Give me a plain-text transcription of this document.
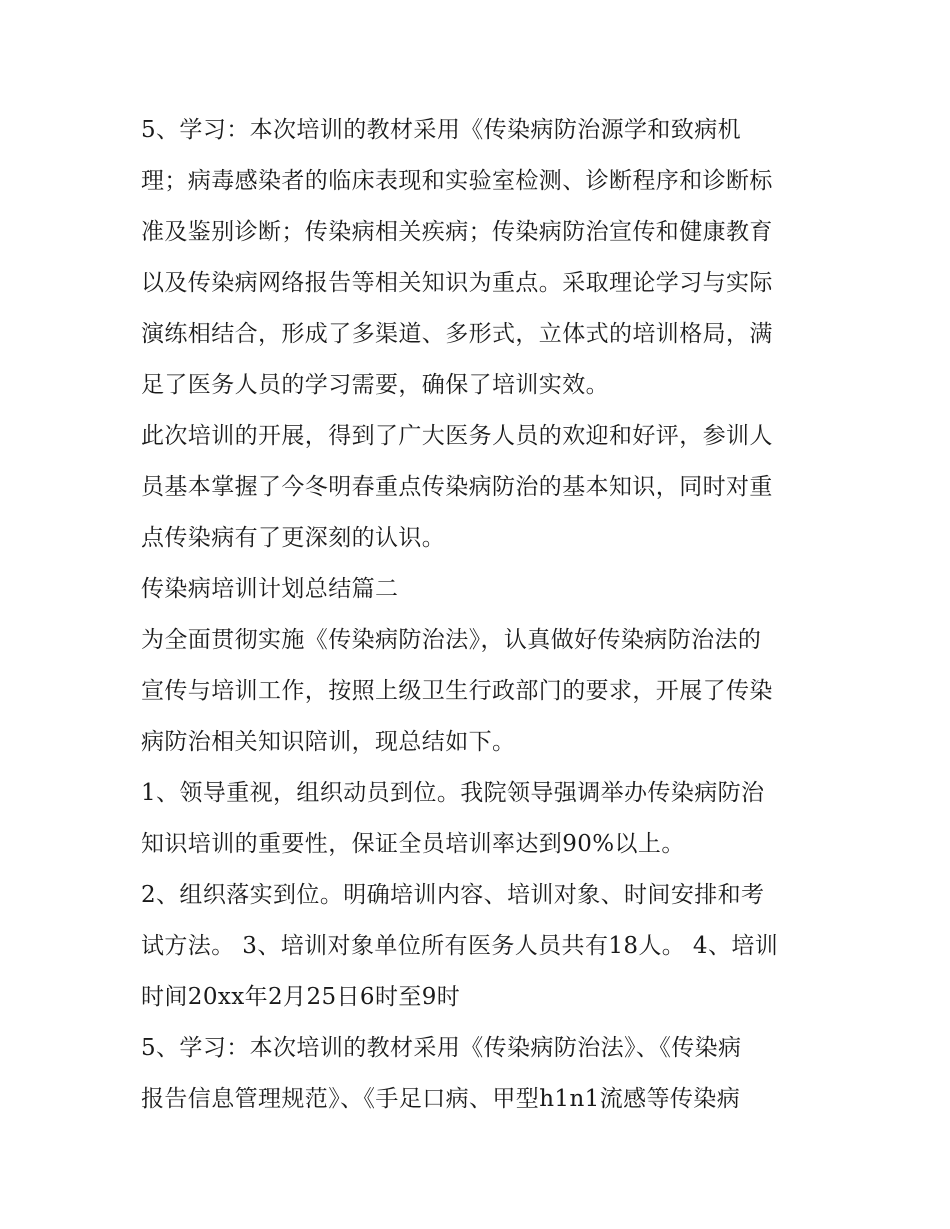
5、学习：本次培训的教材采用《传染病防治源学和致病机
理；病毒感染者的临床表现和实验室检测、诊断程序和诊断标
准及鉴别诊断；传染病相关疾病；传染病防治宣传和健康教育
以及传染病网络报告等相关知识为重点。采取理论学习与实际
演练相结合，形成了多渠道、多形式，立体式的培训格局，满
足了医务人员的学习需要，确保了培训实效。
此次培训的开展，得到了广大医务人员的欢迎和好评，参训人
员基本掌握了今冬明春重点传染病防治的基本知识，同时对重
点传染病有了更深刻的认识。
传染病培训计划总结篇二
为全面贯彻实施《传染病防治法》，认真做好传染病防治法的
宣传与培训工作，按照上级卫生行政部门的要求，开展了传染
病防治相关知识陪训，现总结如下。
1、领导重视，组织动员到位。我院领导强调举办传染病防治
知识培训的重要性，保证全员培训率达到90%以上。
2、组织落实到位。明确培训内容、培训对象、时间安排和考
试方法。 3、培训对象单位所有医务人员共有18人。 4、培训
时间20xx年2月25日6时至9时
5、学习：本次培训的教材采用《传染病防治法》、《传染病
报告信息管理规范》、《手足口病、甲型h1n1流感等传染病
